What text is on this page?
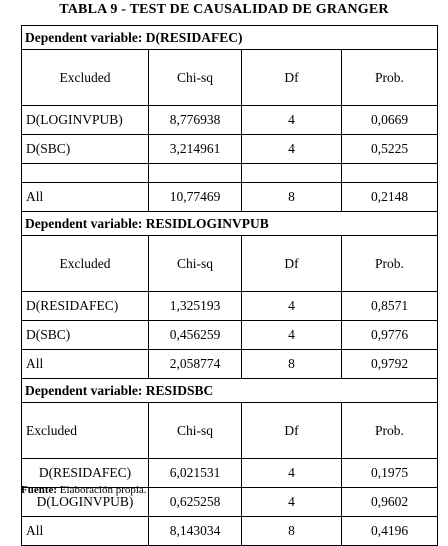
TABLA 9 - TEST DE CAUSALIDAD DE GRANGER
Dependent variable: D(RESIDAFEC)			
Excluded	Chi-sq	Df	Prob.
D(LOGINVPUB)	8,776938	4	0,0669
D(SBC)	3,214961	4	0,5225

All	10,77469	8	0,2148
Dependent variable: RESIDLOGINVPUB			
Excluded	Chi-sq	Df	Prob.
D(RESIDAFEC)	1,325193	4	0,8571
D(SBC)	0,456259	4	0,9776
All	2,058774	8	0,9792
Dependent variable: RESIDSBC			
Excluded	Chi-sq	Df	Prob.
D(RESIDAFEC)	6,021531	4	0,1975
D(LOGINVPUB)	0,625258	4	0,9602
All	8,143034	8	0,4196
Fuente: Elaboración propia.
